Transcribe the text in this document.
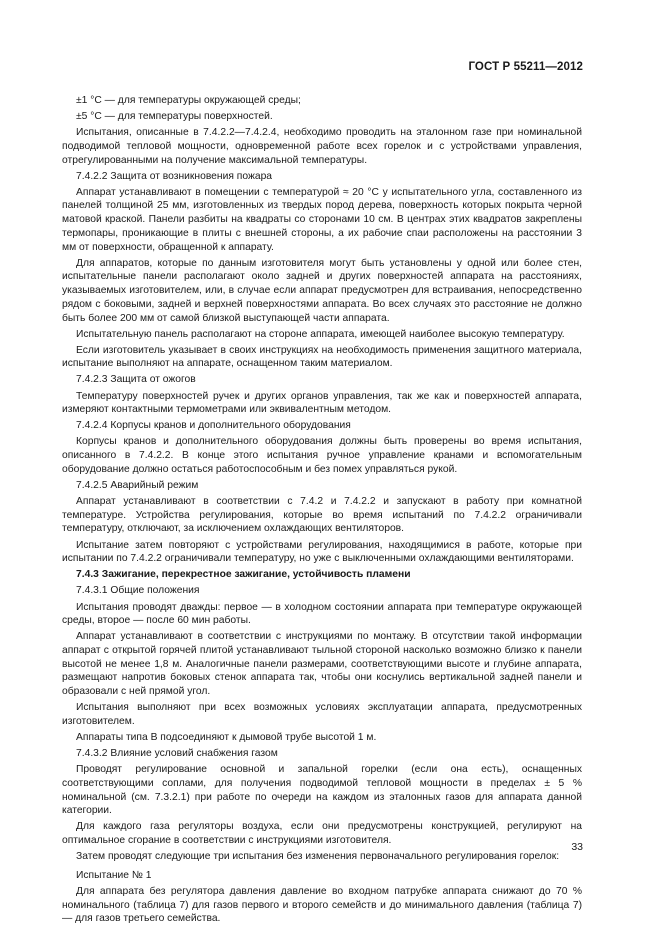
ГОСТ Р 55211—2012

±1 °С — для температуры окружающей среды;

±5 °С — для температуры поверхностей.

Испытания, описанные в 7.4.2.2—7.4.2.4, необходимо проводить на эталонном газе при номинальной подводимой тепловой мощности, одновременной работе всех горелок и с устройствами управления, отрегулированными на получение максимальной температуры.

7.4.2.2 Защита от возникновения пожара

Аппарат устанавливают в помещении с температурой ≈ 20 °С у испытательного угла, составленного из панелей толщиной 25 мм, изготовленных из твердых пород дерева, поверхность которых покрыта черной матовой краской. Панели разбиты на квадраты со сторонами 10 см. В центрах этих квадратов закреплены термопары, проникающие в плиты с внешней стороны, а их рабочие спаи расположены на расстоянии 3 мм от поверхности, обращенной к аппарату.

Для аппаратов, которые по данным изготовителя могут быть установлены у одной или более стен, испытательные панели располагают около задней и других поверхностей аппарата на расстояниях, указываемых изготовителем, или, в случае если аппарат предусмотрен для встраивания, непосредственно рядом с боковыми, задней и верхней поверхностями аппарата. Во всех случаях это расстояние не должно быть более 200 мм от самой близкой выступающей части аппарата.

Испытательную панель располагают на стороне аппарата, имеющей наиболее высокую температуру.

Если изготовитель указывает в своих инструкциях на необходимость применения защитного материала, испытание выполняют на аппарате, оснащенном таким материалом.

7.4.2.3 Защита от ожогов

Температуру поверхностей ручек и других органов управления, так же как и поверхностей аппарата, измеряют контактными термометрами или эквивалентным методом.

7.4.2.4 Корпусы кранов и дополнительного оборудования

Корпусы кранов и дополнительного оборудования должны быть проверены во время испытания, описанного в 7.4.2.2. В конце этого испытания ручное управление кранами и вспомогательным оборудование должно остаться работоспособным и без помех управляться рукой.

7.4.2.5 Аварийный режим

Аппарат устанавливают в соответствии с 7.4.2 и 7.4.2.2 и запускают в работу при комнатной температуре. Устройства регулирования, которые во время испытаний по 7.4.2.2 ограничивали температуру, отключают, за исключением охлаждающих вентиляторов.

Испытание затем повторяют с устройствами регулирования, находящимися в работе, которые при испытании по 7.4.2.2 ограничивали температуру, но уже с выключенными охлаждающими вентиляторами.

7.4.3 Зажигание, перекрестное зажигание, устойчивость пламени

7.4.3.1 Общие положения

Испытания проводят дважды: первое — в холодном состоянии аппарата при температуре окружающей среды, второе — после 60 мин работы.

Аппарат устанавливают в соответствии с инструкциями по монтажу. В отсутствии такой информации аппарат с открытой горячей плитой устанавливают тыльной стороной насколько возможно близко к панели высотой не менее 1,8 м. Аналогичные панели размерами, соответствующими высоте и глубине аппарата, размещают напротив боковых стенок аппарата так, чтобы они коснулись вертикальной задней панели и образовали с ней прямой угол.

Испытания выполняют при всех возможных условиях эксплуатации аппарата, предусмотренных изготовителем.

Аппараты типа В подсоединяют к дымовой трубе высотой 1 м.

7.4.3.2 Влияние условий снабжения газом

Проводят регулирование основной и запальной горелки (если она есть), оснащенных соответствующими соплами, для получения подводимой тепловой мощности в пределах ± 5 % номинальной (см. 7.3.2.1) при работе по очереди на каждом из эталонных газов для аппарата данной категории.

Для каждого газа регуляторы воздуха, если они предусмотрены конструкцией, регулируют на оптимальное сгорание в соответствии с инструкциями изготовителя.

Затем проводят следующие три испытания без изменения первоначального регулирования горелок:

Испытание № 1

Для аппарата без регулятора давления давление во входном патрубке аппарата снижают до 70 % номинального (таблица 7) для газов первого и второго семейств и до минимального давления (таблица 7) — для газов третьего семейства.

33
